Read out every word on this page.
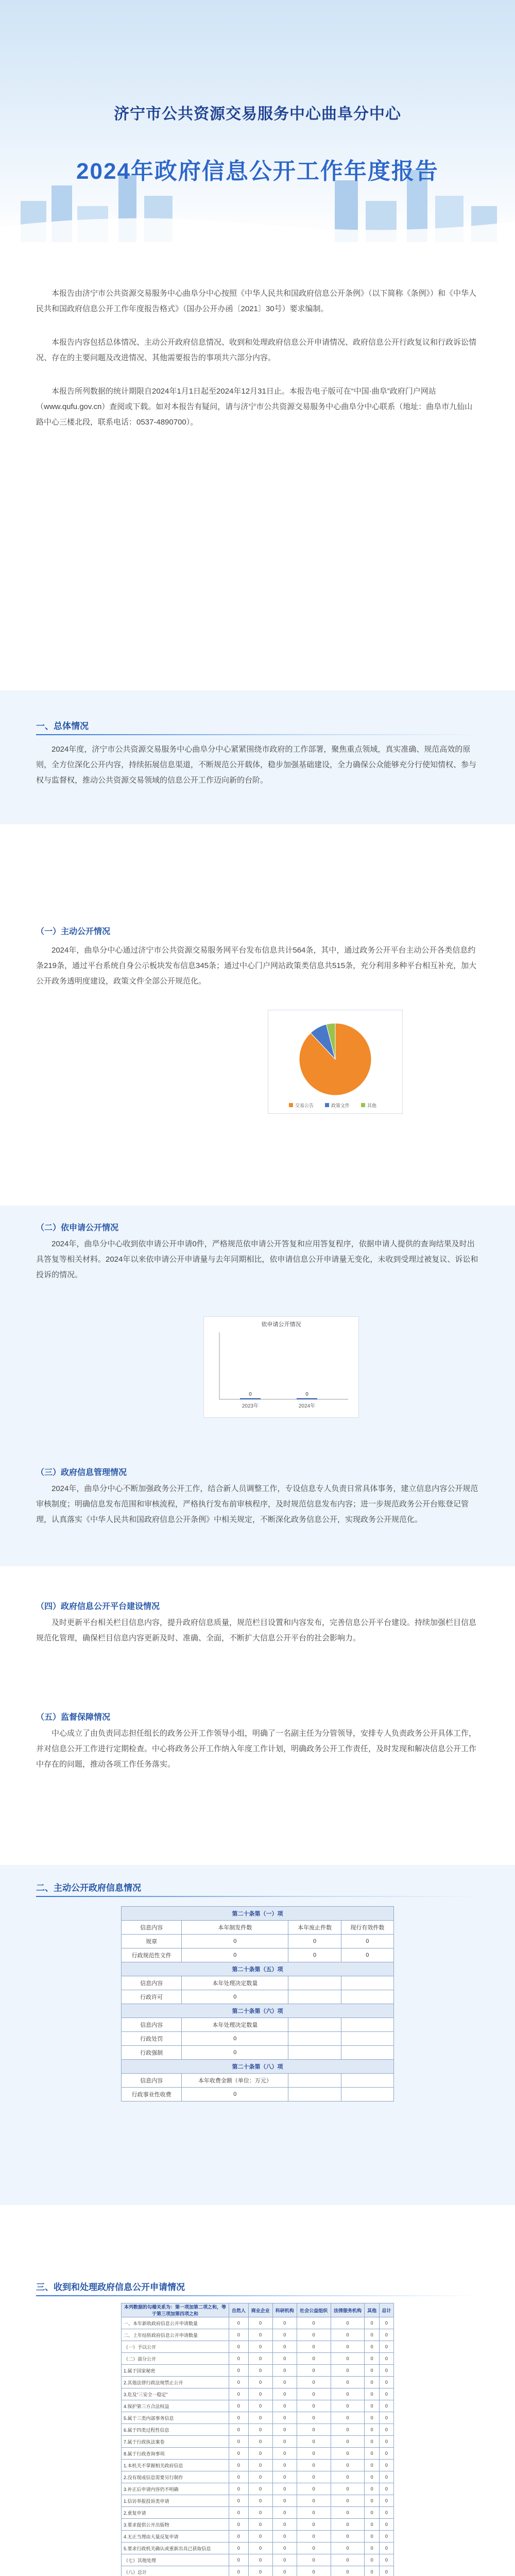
济宁市公共资源交易服务中心曲阜分中心
2024年政府信息公开工作年度报告
本报告由济宁市公共资源交易服务中心曲阜分中心按照《中华人民共和国政府信息公开条例》（以下简称《条例》）和《中华人民共和国政府信息公开工作年度报告格式》（国办公开办函〔2021〕30号）要求编制。
本报告内容包括总体情况、主动公开政府信息情况、收到和处理政府信息公开申请情况、政府信息公开行政复议和行政诉讼情况、存在的主要问题及改进情况、其他需要报告的事项共六部分内容。
本报告所列数据的统计期限自2024年1月1日起至2024年12月31日止。本报告电子版可在“中国·曲阜”政府门户网站（www.qufu.gov.cn）查阅或下载。如对本报告有疑问，请与济宁市公共资源交易服务中心曲阜分中心联系（地址：曲阜市九仙山路中心三楼北段，联系电话：0537-4890700）。
一、总体情况
2024年度，济宁市公共资源交易服务中心曲阜分中心紧紧围绕市政府的工作部署，聚焦重点领域，真实准确、规范高效的原则，全方位深化公开内容，持续拓展信息渠道，不断规范公开载体，稳步加强基础建设，全力确保公众能够充分行使知情权、参与权与监督权，推动公共资源交易领域的信息公开工作迈向新的台阶。
（一）主动公开情况
2024年，曲阜分中心通过济宁市公共资源交易服务网平台发布信息共计564条，其中，通过政务公开平台主动公开各类信息约条219条，通过平台系统自身公示板块发布信息345条；通过中心门户网站政策类信息共515条，充分利用多种平台相互补充，加大公开政务透明度建设，政策文件全部公开规范化。
交易公告	政策文件	其他
（二）依申请公开情况
2024年，曲阜分中心收到依申请公开申请0件，严格规范依申请公开答复和应用答复程序，依据申请人提供的查询结果及时出具答复等相关材料。2024年以来依申请公开申请量与去年同期相比，依申请信息公开申请量无变化，未收到受理过被复议、诉讼和投诉的情况。
依申请公开情况
2023年
0
2024年
0
（三）政府信息管理情况
2024年，曲阜分中心不断加强政务公开工作，结合新人员调整工作，专设信息专人负责日常具体事务，建立信息内容公开规范审核制度；明确信息发布范围和审核流程，严格执行发布前审核程序，及时规范信息发布内容；进一步规范政务公开台账登记管理，认真落实《中华人民共和国政府信息公开条例》中相关规定，不断深化政务信息公开，实现政务公开规范化。
（四）政府信息公开平台建设情况
及时更新平台相关栏目信息内容，提升政府信息质量，规范栏目设置和内容发布，完善信息公开平台建设。持续加强栏目信息规范化管理，确保栏目信息内容更新及时、准确、全面，不断扩大信息公开平台的社会影响力。
（五）监督保障情况
中心成立了由负责同志担任组长的政务公开工作领导小组，明确了一名副主任为分管领导，安排专人负责政务公开具体工作，并对信息公开工作进行定期检查。中心将政务公开工作纳入年度工作计划，明确政务公开工作责任，及时发现和解决信息公开工作中存在的问题，推动各项工作任务落实。
二、主动公开政府信息情况
第二十条第（一）项			
信息内容	本年制发件数	本年废止件数	现行有效件数
规章	0	0	0
行政规范性文件	0	0	0
第二十条第（五）项			
信息内容	本年处理决定数量		
行政许可	0		
第二十条第（六）项			
信息内容	本年处理决定数量		
行政处罚	0		
行政强制	0		
第二十条第（八）项			
信息内容	本年收费金额（单位：万元）		
行政事业性收费	0		
三、收到和处理政府信息公开申请情况
本列数据的勾稽关系为：第一项加第二项之和，等于第三项加第四项之和	自然人	商业企业	科研机构	社会公益组织	法律服务机构	其他	总计
一、本年新收政府信息公开申请数量	0	0	0	0	0	0	0
二、上年结转政府信息公开申请数量	0	0	0	0	0	0	0
（一）予以公开	0	0	0	0	0	0	0
（二）部分公开	0	0	0	0	0	0	0
1.属于国家秘密	0	0	0	0	0	0	0
2.其他法律行政法规禁止公开	0	0	0	0	0	0	0
3.危及“三安全一稳定”	0	0	0	0	0	0	0
4.保护第三方合法权益	0	0	0	0	0	0	0
5.属于三类内部事务信息	0	0	0	0	0	0	0
6.属于四类过程性信息	0	0	0	0	0	0	0
7.属于行政执法案卷	0	0	0	0	0	0	0
8.属于行政查询事项	0	0	0	0	0	0	0
1.本机关不掌握相关政府信息	0	0	0	0	0	0	0
2.没有现成信息需要另行制作	0	0	0	0	0	0	0
3.补正后申请内容仍不明确	0	0	0	0	0	0	0
1.信访举报投诉类申请	0	0	0	0	0	0	0
2.重复申请	0	0	0	0	0	0	0
3.要求提供公开出版物	0	0	0	0	0	0	0
4.无正当理由大量反复申请	0	0	0	0	0	0	0
5.要求行政机关确认或重新出具已获取信息	0	0	0	0	0	0	0
（七）其他处理	0	0	0	0	0	0	0
（八）总计	0	0	0	0	0	0	0
